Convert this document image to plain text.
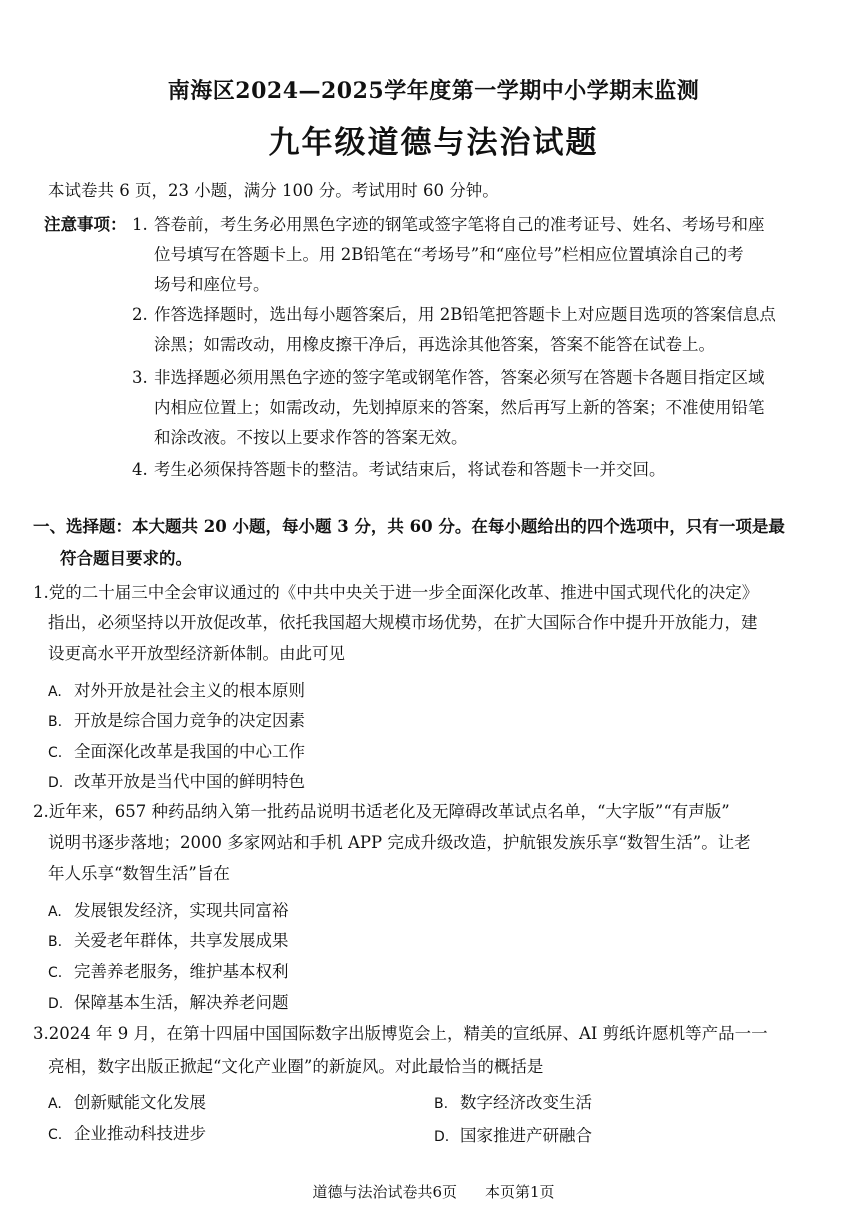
南海区2024—2025学年度第一学期中小学期末监测
九年级道德与法治试题
本试卷共 6 页，23 小题，满分 100 分。考试用时 60 分钟。
注意事项： 1. 答卷前，考生务必用黑色字迹的钢笔或签字笔将自己的准考证号、姓名、考场号和座
位号填写在答题卡上。用 2B铅笔在“考场号”和“座位号”栏相应位置填涂自己的考
场号和座位号。
2. 作答选择题时，选出每小题答案后，用 2B铅笔把答题卡上对应题目选项的答案信息点
涂黑；如需改动，用橡皮擦干净后，再选涂其他答案，答案不能答在试卷上。
3. 非选择题必须用黑色字迹的签字笔或钢笔作答，答案必须写在答题卡各题目指定区域
内相应位置上；如需改动，先划掉原来的答案，然后再写上新的答案；不准使用铅笔
和涂改液。不按以上要求作答的答案无效。
4. 考生必须保持答题卡的整洁。考试结束后，将试卷和答题卡一并交回。
一、选择题：本大题共 20 小题，每小题 3 分，共 60 分。在每小题给出的四个选项中，只有一项是最
符合题目要求的。
1.党的二十届三中全会审议通过的《中共中央关于进一步全面深化改革、推进中国式现代化的决定》
指出，必须坚持以开放促改革，依托我国超大规模市场优势，在扩大国际合作中提升开放能力，建
设更高水平开放型经济新体制。由此可见
A. 对外开放是社会主义的根本原则
B. 开放是综合国力竞争的决定因素
C. 全面深化改革是我国的中心工作
D. 改革开放是当代中国的鲜明特色
2.近年来，657 种药品纳入第一批药品说明书适老化及无障碍改革试点名单，“大字版”“有声版”
说明书逐步落地；2000 多家网站和手机 APP 完成升级改造，护航银发族乐享“数智生活”。让老
年人乐享“数智生活”旨在
A. 发展银发经济，实现共同富裕
B. 关爱老年群体，共享发展成果
C. 完善养老服务，维护基本权利
D. 保障基本生活，解决养老问题
3.2024 年 9 月，在第十四届中国国际数字出版博览会上，精美的宣纸屏、AI 剪纸许愿机等产品一一
亮相，数字出版正掀起“文化产业圈”的新旋风。对此最恰当的概括是
A. 创新赋能文化发展	B. 数字经济改变生活
C. 企业推动科技进步	D. 国家推进产研融合
道德与法治试卷共6页 本页第1页
